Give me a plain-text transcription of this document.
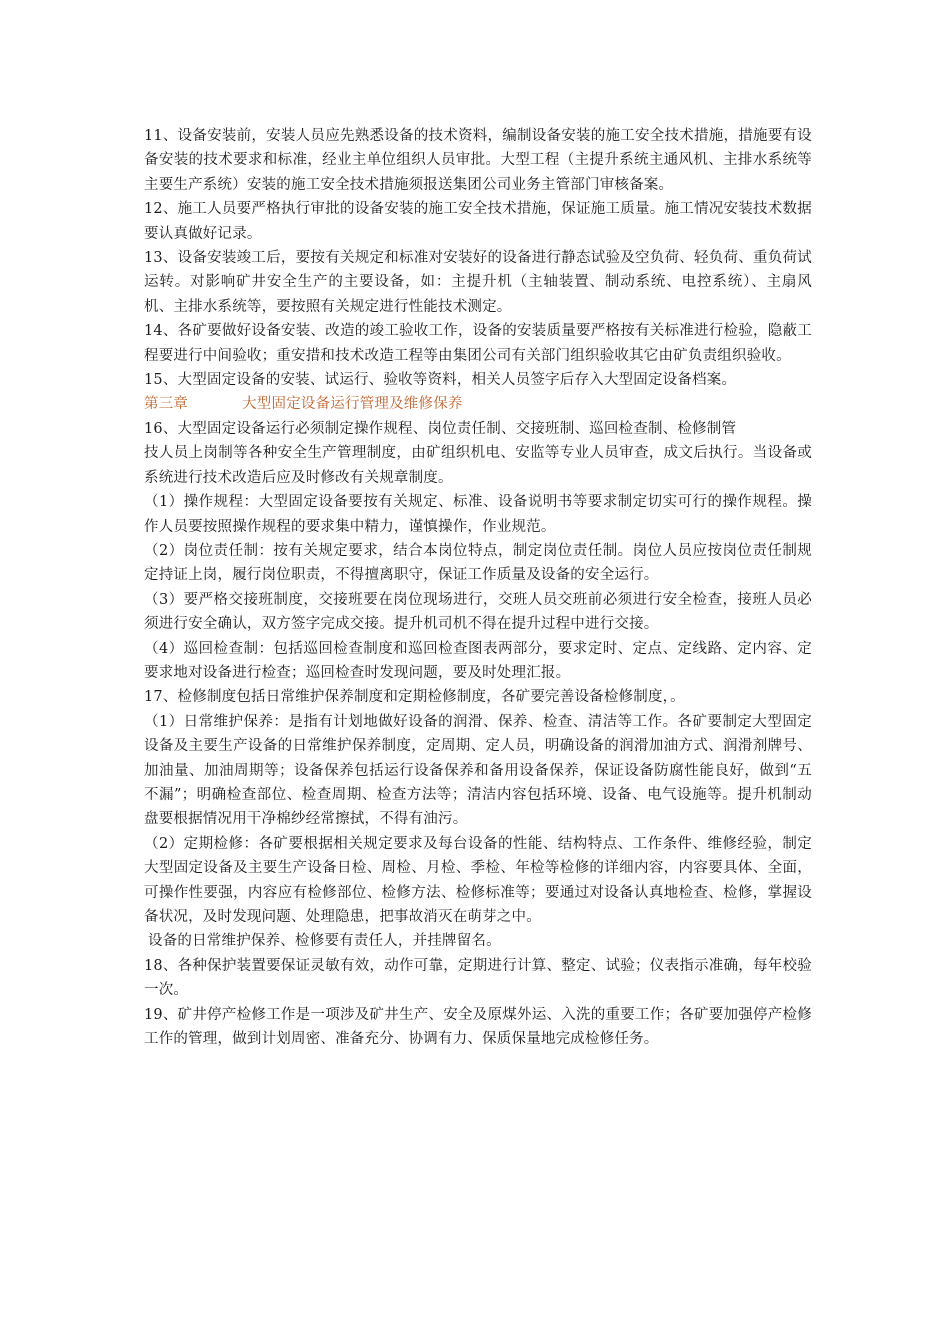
11、设备安装前，安装人员应先熟悉设备的技术资料，编制设备安装的施工安全技术措施，措施要有设备安装的技术要求和标准，经业主单位组织人员审批。大型工程（主提升系统主通风机、主排水系统等主要生产系统）安装的施工安全技术措施须报送集团公司业务主管部门审核备案。

12、施工人员要严格执行审批的设备安装的施工安全技术措施，保证施工质量。施工情况安装技术数据要认真做好记录。

13、设备安装竣工后，要按有关规定和标准对安装好的设备进行静态试验及空负荷、轻负荷、重负荷试运转。对影响矿井安全生产的主要设备，如：主提升机（主轴装置、制动系统、电控系统）、主扇风机、主排水系统等，要按照有关规定进行性能技术测定。

14、各矿要做好设备安装、改造的竣工验收工作，设备的安装质量要严格按有关标准进行检验，隐蔽工程要进行中间验收；重安措和技术改造工程等由集团公司有关部门组织验收其它由矿负责组织验收。

15、大型固定设备的安装、试运行、验收等资料，相关人员签字后存入大型固定设备档案。

第三章	大型固定设备运行管理及维修保养

16、大型固定设备运行必须制定操作规程、岗位责任制、交接班制、巡回检查制、检修制管

技人员上岗制等各种安全生产管理制度，由矿组织机电、安监等专业人员审查，成文后执行。当设备或系统进行技术改造后应及时修改有关规章制度。

（1）操作规程：大型固定设备要按有关规定、标准、设备说明书等要求制定切实可行的操作规程。操作人员要按照操作规程的要求集中精力，谨慎操作，作业规范。

（2）岗位责任制：按有关规定要求，结合本岗位特点，制定岗位责任制。岗位人员应按岗位责任制规定持证上岗，履行岗位职责，不得擅离职守，保证工作质量及设备的安全运行。

（3）要严格交接班制度，交接班要在岗位现场进行，交班人员交班前必须进行安全检查，接班人员必须进行安全确认，双方签字完成交接。提升机司机不得在提升过程中进行交接。

（4）巡回检查制：包括巡回检查制度和巡回检查图表两部分，要求定时、定点、定线路、定内容、定要求地对设备进行检查；巡回检查时发现问题，要及时处理汇报。

17、检修制度包括日常维护保养制度和定期检修制度，各矿要完善设备检修制度，。

（1）日常维护保养：是指有计划地做好设备的润滑、保养、检查、清洁等工作。各矿要制定大型固定设备及主要生产设备的日常维护保养制度，定周期、定人员，明确设备的润滑加油方式、润滑剂牌号、加油量、加油周期等；设备保养包括运行设备保养和备用设备保养，保证设备防腐性能良好，做到“五不漏”；明确检查部位、检查周期、检查方法等；清洁内容包括环境、设备、电气设施等。提升机制动盘要根据情况用干净棉纱经常擦拭，不得有油污。

（2）定期检修：各矿要根据相关规定要求及每台设备的性能、结构特点、工作条件、维修经验，制定大型固定设备及主要生产设备日检、周检、月检、季检、年检等检修的详细内容，内容要具体、全面，可操作性要强，内容应有检修部位、检修方法、检修标准等；要通过对设备认真地检查、检修，掌握设备状况，及时发现问题、处理隐患，把事故消灭在萌芽之中。

设备的日常维护保养、检修要有责任人，并挂牌留名。

18、各种保护装置要保证灵敏有效，动作可靠，定期进行计算、整定、试验；仪表指示准确，每年校验一次。

19、矿井停产检修工作是一项涉及矿井生产、安全及原煤外运、入洗的重要工作；各矿要加强停产检修工作的管理，做到计划周密、准备充分、协调有力、保质保量地完成检修任务。
